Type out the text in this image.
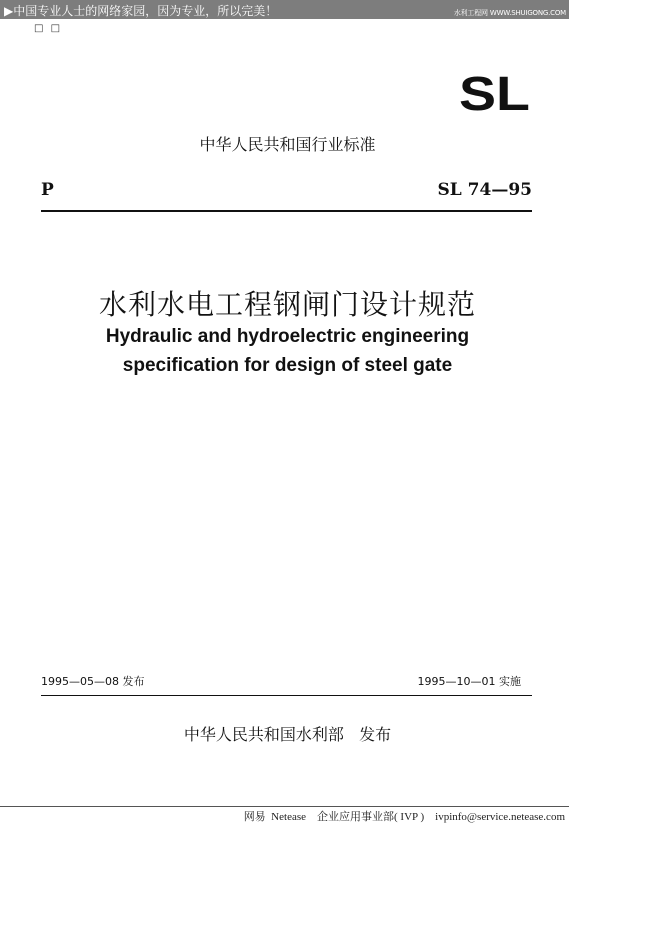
▶中国专业人士的网络家园，因为专业，所以完美！	水利工程网 WWW.SHUIGONG.COM
□ □
SL
中华人民共和国行业标准
P	SL 74—95
水利水电工程钢闸门设计规范
Hydraulic and hydroelectric engineering
specification for design of steel gate
1995—05—08 发布	1995—10—01 实施
中华人民共和国水利部   发布
网易  Netease    企业应用事业部( IVP )    ivpinfo@service.netease.com
